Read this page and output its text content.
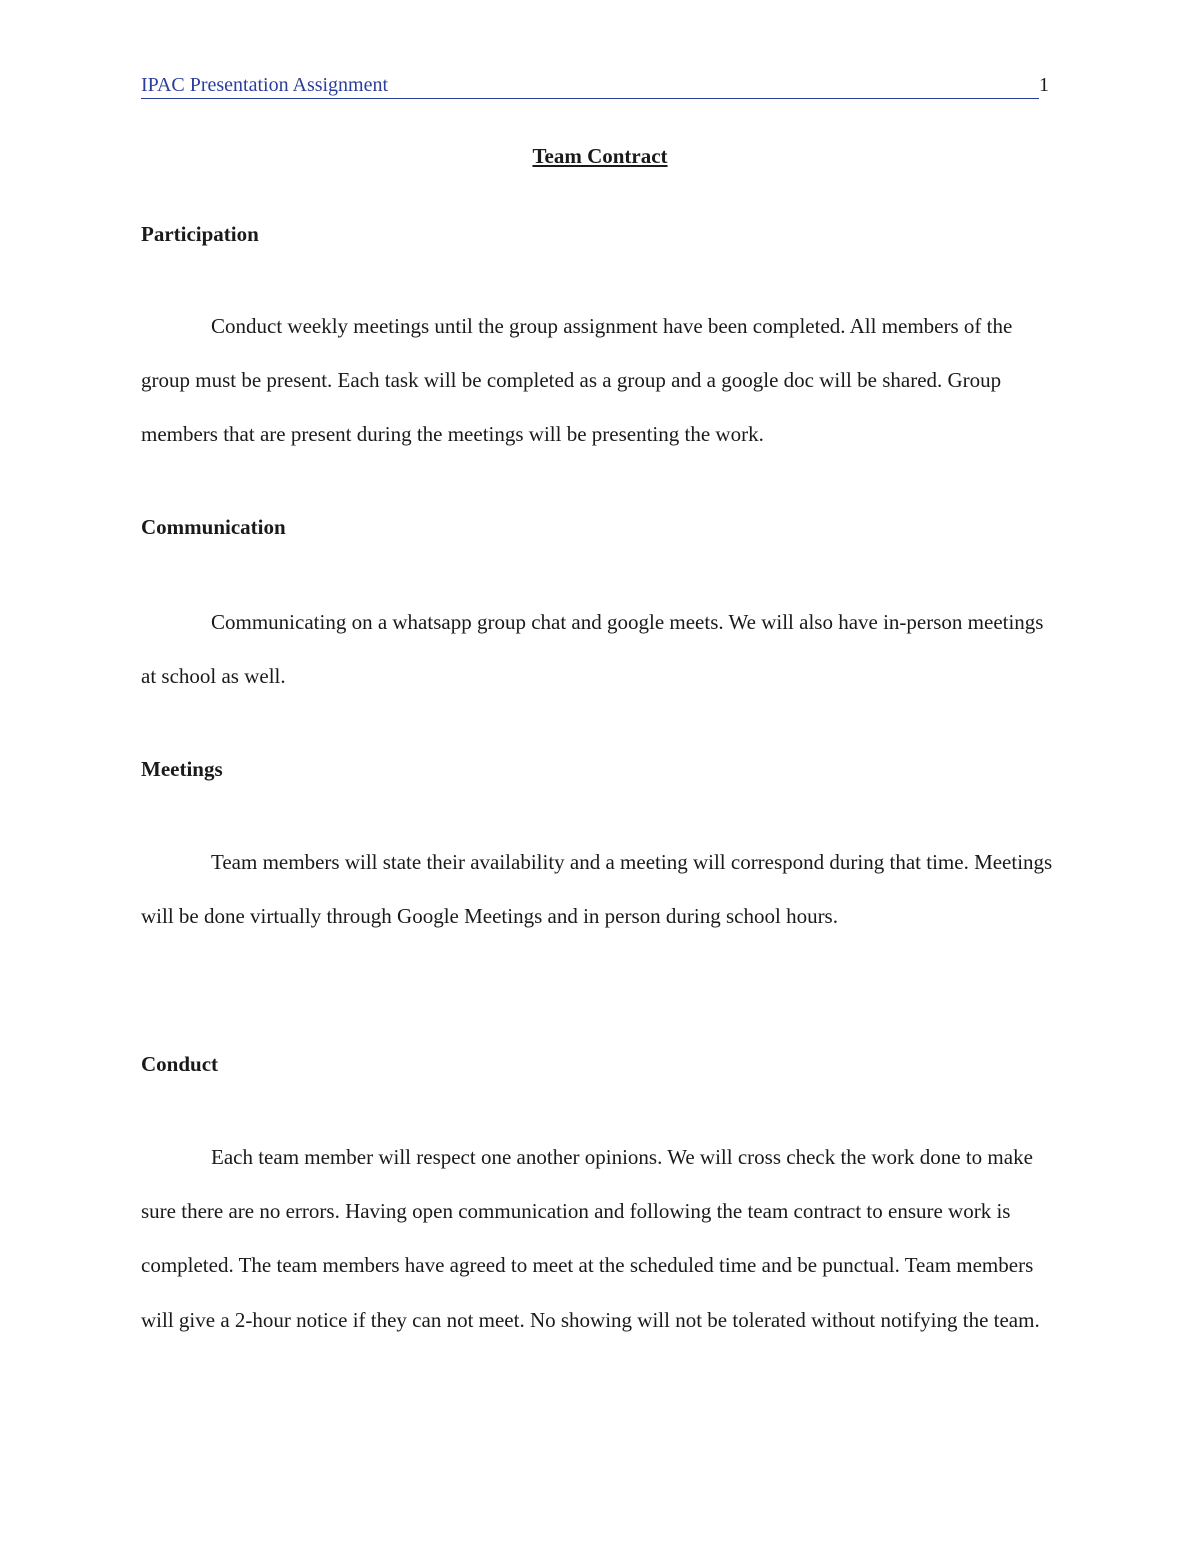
IPAC Presentation Assignment	1
Team Contract
Participation

Conduct weekly meetings until the group assignment have been completed. All members of the group must be present. Each task will be completed as a group and a google doc will be shared. Group members that are present during the meetings will be presenting the work.

Communication

Communicating on a whatsapp group chat and google meets. We will also have in-person meetings at school as well.

Meetings

Team members will state their availability and a meeting will correspond during that time. Meetings will be done virtually through Google Meetings and in person during school hours.

Conduct

Each team member will respect one another opinions. We will cross check the work done to make sure there are no errors. Having open communication and following the team contract to ensure work is completed. The team members have agreed to meet at the scheduled time and be punctual. Team members will give a 2-hour notice if they can not meet. No showing will not be tolerated without notifying the team.
